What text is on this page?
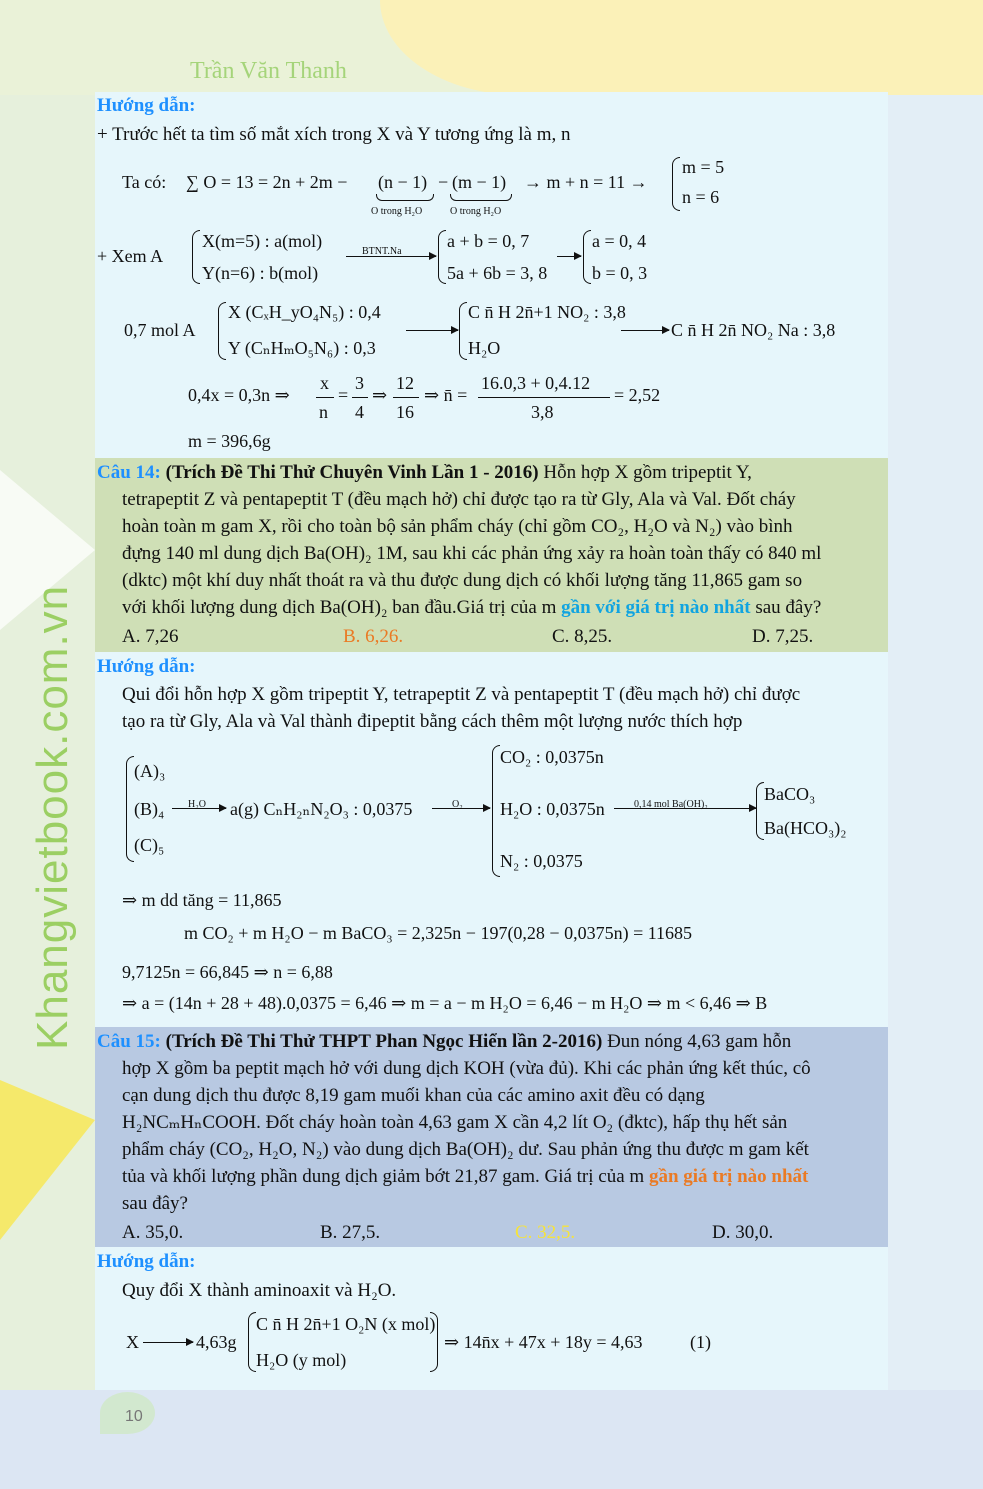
Trần Văn Thanh
Khangvietbook.com.vn
Hướng dẫn:
+ Trước hết ta tìm số mắt xích trong X và Y tương ứng là m, n
Ta có: ∑ O = 13 = 2n + 2m − (n − 1)
O trong H₂O
− (m − 1)
O trong H₂O
→ m + n = 11 →
m = 5
n = 6
+ Xem A
X(m=5) : a(mol)
Y(n=6) : b(mol)
BTNT.Na
a + b = 0, 7
5a + 6b = 3, 8
a = 0, 4
b = 0, 3
0,7 mol A
X (CₓH_yO₄N₅) : 0,4
Y (CₙHₘO₅N₆) : 0,3
C n̄ H 2n̄+1 NO₂ : 3,8
H₂O
C n̄ H 2n̄ NO₂ Na : 3,8
0,4x = 0,3n ⇒
x
n
=
3
4
⇒
12
16
⇒ n̄ =
16.0,3 + 0,4.12
3,8
= 2,52
m = 396,6g
Câu 14: (Trích Đề Thi Thử Chuyên Vinh Lần 1 - 2016) Hỗn hợp X gồm tripeptit Y,
tetrapeptit Z và pentapeptit T (đều mạch hở) chỉ được tạo ra từ Gly, Ala và Val. Đốt cháy
hoàn toàn m gam X, rồi cho toàn bộ sản phẩm cháy (chỉ gồm CO₂, H₂O và N₂) vào bình
đựng 140 ml dung dịch Ba(OH)₂ 1M, sau khi các phản ứng xảy ra hoàn toàn thấy có 840 ml
(dktc) một khí duy nhất thoát ra và thu được dung dịch có khối lượng tăng 11,865 gam so
với khối lượng dung dịch Ba(OH)₂ ban đầu.Giá trị của m gần với giá trị nào nhất sau đây?
A. 7,26	B. 6,26.	C. 8,25.	D. 7,25.
Hướng dẫn:
Qui đổi hỗn hợp X gồm tripeptit Y, tetrapeptit Z và pentapeptit T (đều mạch hở) chỉ được
tạo ra từ Gly, Ala và Val thành đipeptit bằng cách thêm một lượng nước thích hợp
(A)₃
(B)₄
(C)₅
H₂O a(g) CₙH₂ₙN₂O₃ : 0,0375	O₂
CO₂ : 0,0375n
H₂O : 0,0375n
N₂ : 0,0375
0,14 mol Ba(OH)₂
BaCO₃
Ba(HCO₃)₂
⇒ m dd tăng = 11,865
m CO₂ + m H₂O − m BaCO₃ = 2,325n − 197(0,28 − 0,0375n) = 11685
9,7125n = 66,845 ⇒ n = 6,88
⇒ a = (14n + 28 + 48).0,0375 = 6,46 ⇒ m = a − m H₂O = 6,46 − m H₂O ⇒ m < 6,46 ⇒ B
Câu 15: (Trích Đề Thi Thử THPT Phan Ngọc Hiển lần 2-2016) Đun nóng 4,63 gam hỗn
hợp X gồm ba peptit mạch hở với dung dịch KOH (vừa đủ). Khi các phản ứng kết thúc, cô
cạn dung dịch thu được 8,19 gam muối khan của các amino axit đều có dạng
H₂NCₘHₙCOOH. Đốt cháy hoàn toàn 4,63 gam X cần 4,2 lít O₂ (đktc), hấp thụ hết sản
phẩm cháy (CO₂, H₂O, N₂) vào dung dịch Ba(OH)₂ dư. Sau phản ứng thu được m gam kết
tủa và khối lượng phần dung dịch giảm bớt 21,87 gam. Giá trị của m gần giá trị nào nhất
sau đây?
A. 35,0.	B. 27,5.	C. 32,5.	D. 30,0.
Hướng dẫn:
Quy đổi X thành aminoaxit và H₂O.
X	4,63g
C n̄ H 2n̄+1 O₂N (x mol)
H₂O (y mol)
⇒ 14n̄x + 47x + 18y = 4,63	(1)
10
